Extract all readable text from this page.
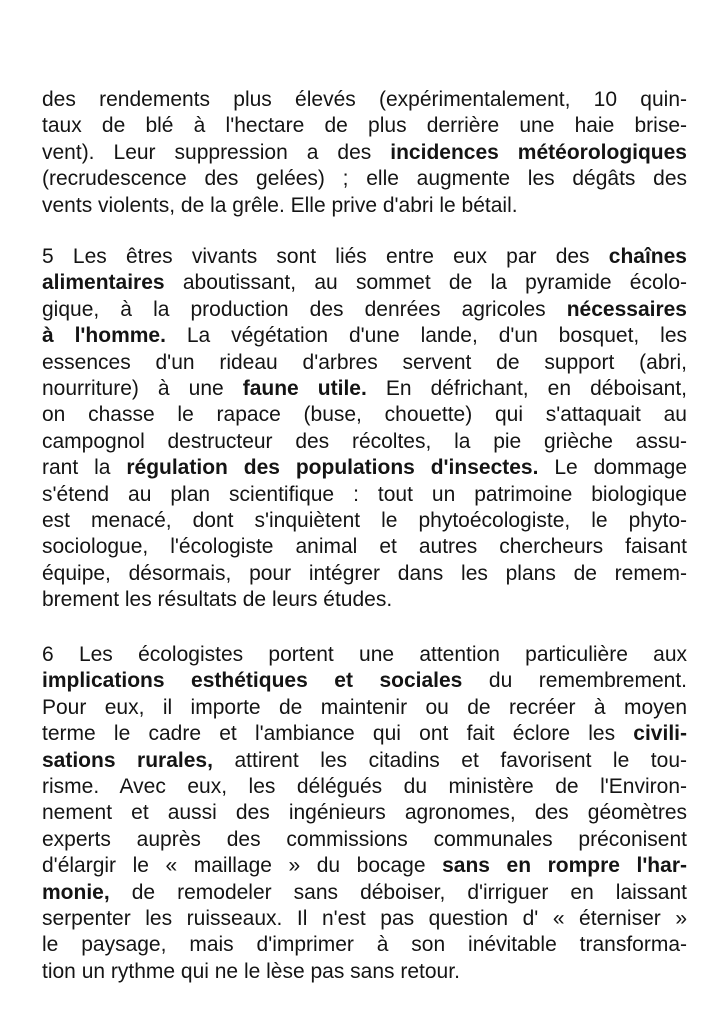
des rendements plus élevés (expérimentalement, 10 quin-
taux de blé à l'hectare de plus derrière une haie brise-
vent). Leur suppression a des incidences météorologiques
(recrudescence des gelées) ; elle augmente les dégâts des
vents violents, de la grêle. Elle prive d'abri le bétail.
5 Les êtres vivants sont liés entre eux par des chaînes
alimentaires aboutissant, au sommet de la pyramide écolo-
gique, à la production des denrées agricoles nécessaires
à l'homme. La végétation d'une lande, d'un bosquet, les
essences d'un rideau d'arbres servent de support (abri,
nourriture) à une faune utile. En défrichant, en déboisant,
on chasse le rapace (buse, chouette) qui s'attaquait au
campognol destructeur des récoltes, la pie grièche assu-
rant la régulation des populations d'insectes. Le dommage
s'étend au plan scientifique : tout un patrimoine biologique
est menacé, dont s'inquiètent le phytoécologiste, le phyto-
sociologue, l'écologiste animal et autres chercheurs faisant
équipe, désormais, pour intégrer dans les plans de remem-
brement les résultats de leurs études.
6 Les écologistes portent une attention particulière aux
implications esthétiques et sociales du remembrement.
Pour eux, il importe de maintenir ou de recréer à moyen
terme le cadre et l'ambiance qui ont fait éclore les civili-
sations rurales, attirent les citadins et favorisent le tou-
risme. Avec eux, les délégués du ministère de l'Environ-
nement et aussi des ingénieurs agronomes, des géomètres
experts auprès des commissions communales préconisent
d'élargir le « maillage » du bocage sans en rompre l'har-
monie, de remodeler sans déboiser, d'irriguer en laissant
serpenter les ruisseaux. Il n'est pas question d' « éterniser »
le paysage, mais d'imprimer à son inévitable transforma-
tion un rythme qui ne le lèse pas sans retour.
